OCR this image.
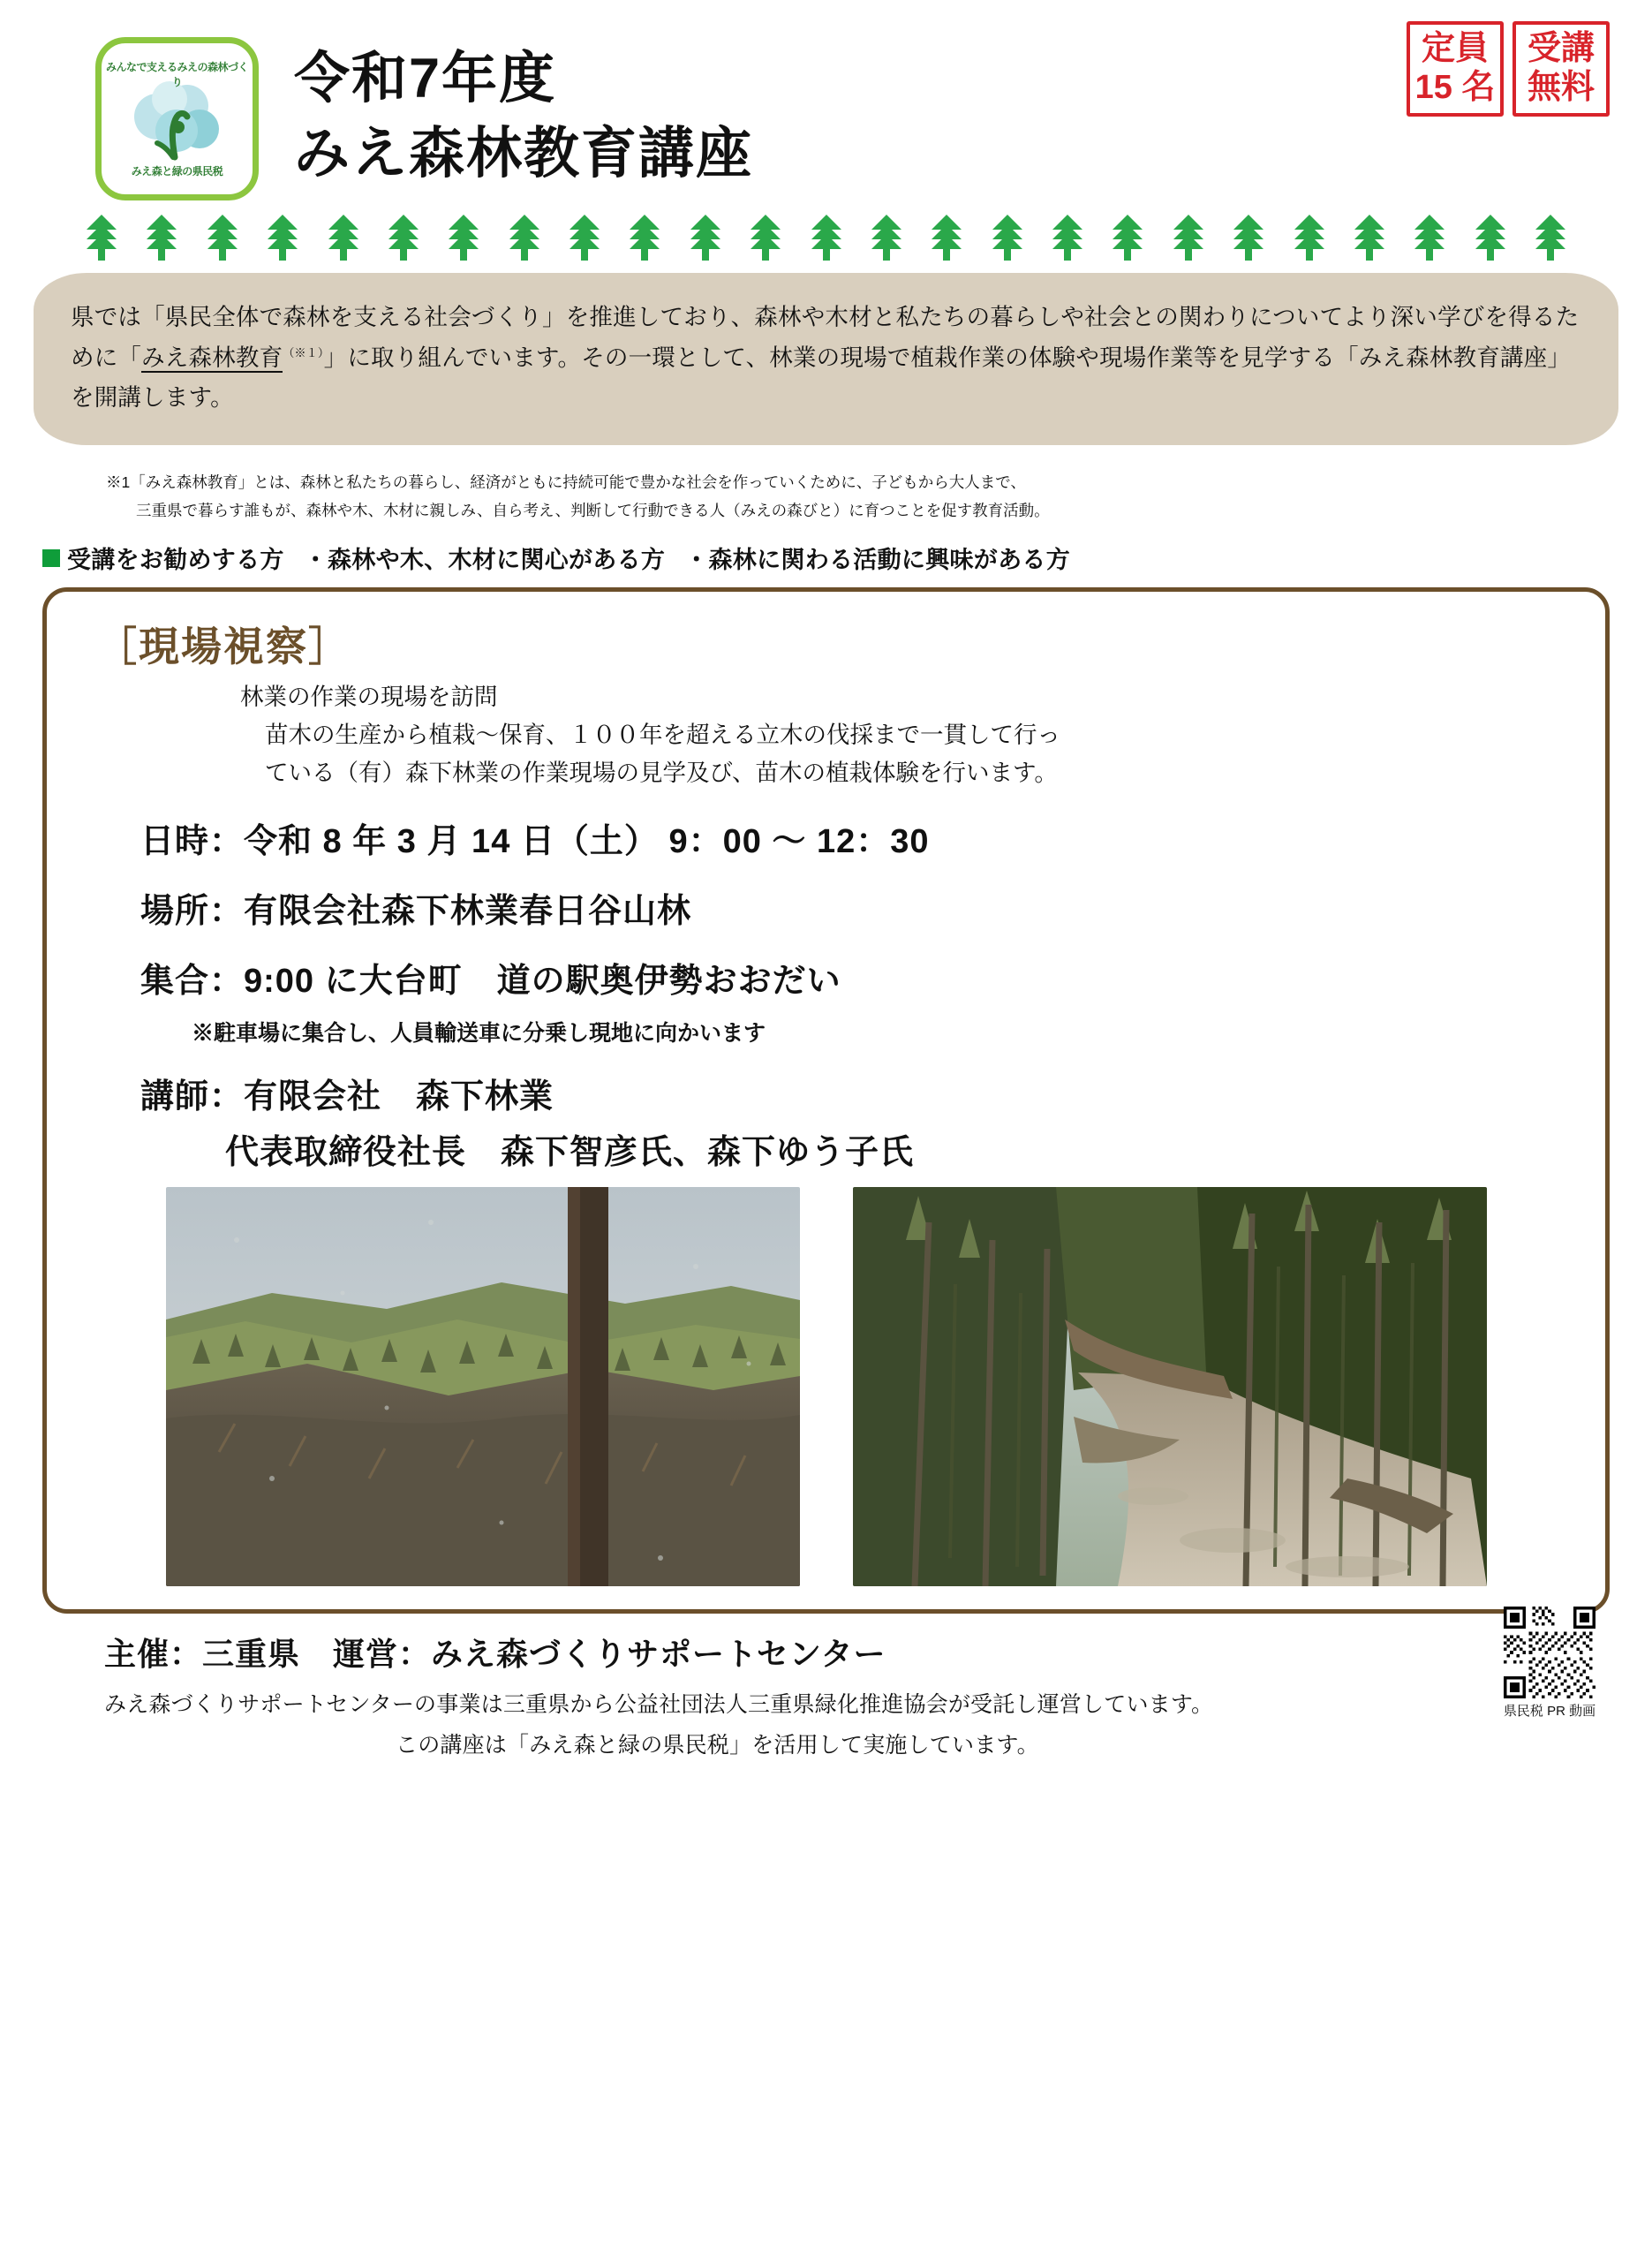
みんなで支えるみえの森林づくり
みえ森と緑の県民税
令和7年度
みえ森林教育講座
定員
15 名
受講
無料
県では「県民全体で森林を支える社会づくり」を推進しており、森林や木材と私たちの暮らしや社会との関わりについてより深い学びを得るために「みえ森林教育$^{(※1)}$」に取り組んでいます。その一環として、林業の現場で植栽作業の体験や現場作業等を見学する「みえ森林教育講座」を開講します。
※1「みえ森林教育」とは、森林と私たちの暮らし、経済がともに持続可能で豊かな社会を作っていくために、子どもから大人まで、
三重県で暮らす誰もが、森林や木、木材に親しみ、自ら考え、判断して行動できる人（みえの森びと）に育つことを促す教育活動。
受講をお勧めする方 ・森林や木、木材に関心がある方 ・森林に関わる活動に興味がある方
［現場視察］
林業の作業の現場を訪問
苗木の生産から植栽〜保育、１００年を超える立木の伐採まで一貫して行っ
ている（有）森下林業の作業現場の見学及び、苗木の植栽体験を行います。
日時：令和 8 年 3 月 14 日（土） 9：00 〜 12：30
場所：有限会社森下林業春日谷山林
集合：9:00 に大台町　道の駅奥伊勢おおだい
※駐車場に集合し、人員輸送車に分乗し現地に向かいます
講師：有限会社　森下林業
代表取締役社長　森下智彦氏、森下ゆう子氏
主催：三重県　運営：みえ森づくりサポートセンター
みえ森づくりサポートセンターの事業は三重県から公益社団法人三重県緑化推進協会が受託し運営しています。
この講座は「みえ森と緑の県民税」を活用して実施しています。
県民税 PR 動画
